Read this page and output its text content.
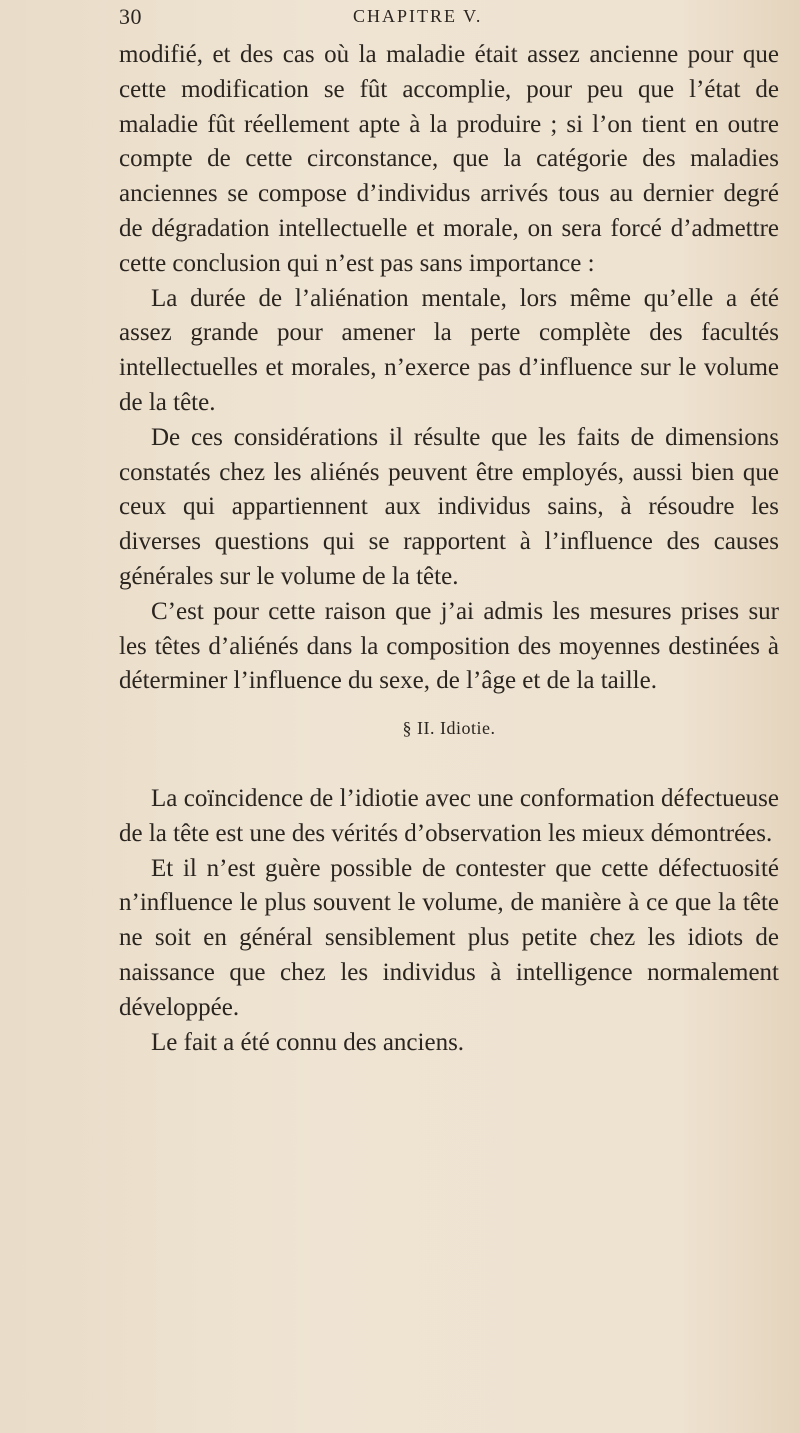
30	CHAPITRE V.

modifié, et des cas où la maladie était assez ancienne pour que cette modification se fût accomplie, pour peu que l’état de maladie fût réellement apte à la produire ; si l’on tient en outre compte de cette circonstance, que la catégorie des maladies anciennes se compose d’individus arrivés tous au dernier degré de dégradation intellectuelle et morale, on sera forcé d’admettre cette conclusion qui n’est pas sans importance :

La durée de l’aliénation mentale, lors même qu’elle a été assez grande pour amener la perte complète des facultés intellectuelles et morales, n’exerce pas d’influence sur le volume de la tête.

De ces considérations il résulte que les faits de dimensions constatés chez les aliénés peuvent être employés, aussi bien que ceux qui appartiennent aux individus sains, à résoudre les diverses questions qui se rapportent à l’influence des causes générales sur le volume de la tête.

C’est pour cette raison que j’ai admis les mesures prises sur les têtes d’aliénés dans la composition des moyennes destinées à déterminer l’influence du sexe, de l’âge et de la taille.

§ II. Idiotie.

La coïncidence de l’idiotie avec une conformation défectueuse de la tête est une des vérités d’observation les mieux démontrées.

Et il n’est guère possible de contester que cette défectuosité n’influence le plus souvent le volume, de manière à ce que la tête ne soit en général sensiblement plus petite chez les idiots de naissance que chez les individus à intelligence normalement développée.

Le fait a été connu des anciens.
